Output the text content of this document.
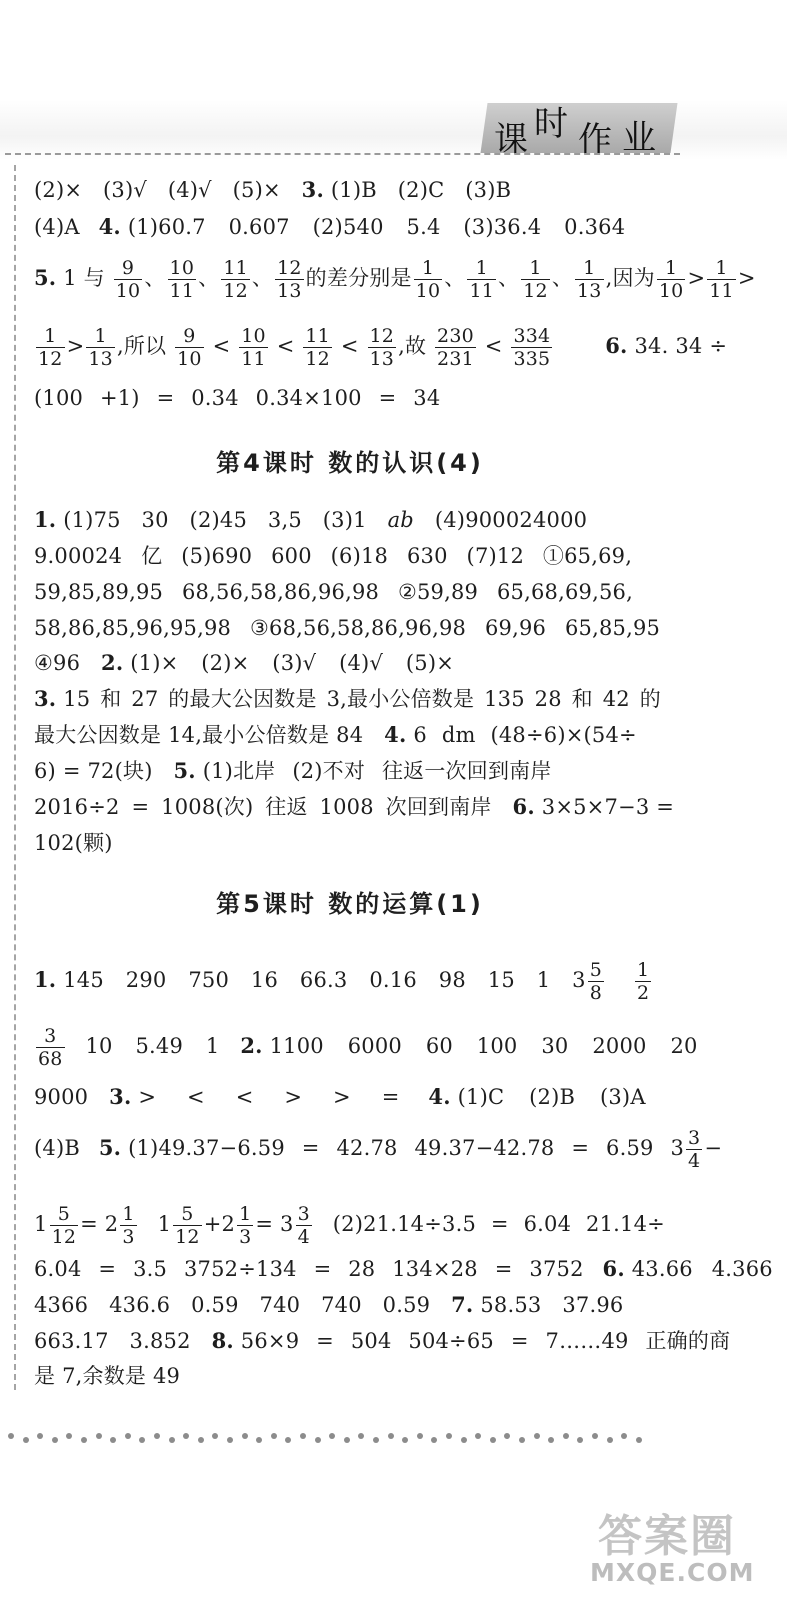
课 时 作 业
(2)× (3)√ (4)√ (5)× 3. (1)B (2)C (3)B
(4)A 4. (1)60.7 0.607 (2)540 5.4 (3)36.4 0.364
5. 1 与 $\frac{9}{10}$ 、 $\frac{10}{11}$ 、 $\frac{11}{12}$ 、 $\frac{12}{13}$ 的差分别是 $\frac{1}{10}$ 、 $\frac{1}{11}$ 、 $\frac{1}{12}$ 、 $\frac{1}{13}$ ,因为 $\frac{1}{10} > \frac{1}{11}$ >
$\frac{1}{12} > \frac{1}{13}$ ,所以 $\frac{9}{10} < \frac{10}{11} < \frac{11}{12} < \frac{12}{13}$ ,故 $\frac{230}{231} < \frac{334}{335}$	6. 34. 34 ÷
(100 +1) = 0.34 0.34×100 = 34
第4课时 数的认识(4)
1. (1)75 30 (2)45 3,5 (3)1 ab (4)900024000
9.00024 亿 (5)690 600 (6)18 630 (7)12 ①65,69,
59,85,89,95 68,56,58,86,96,98 ②59,89 65,68,69,56,
58,86,85,96,95,98 ③68,56,58,86,96,98 69,96 65,85,95
④96 2. (1)× (2)× (3)√ (4)√ (5)×
3. 15 和 27 的最大公因数是 3,最小公倍数是 135 28 和 42 的
最大公因数是 14,最小公倍数是 84 4. 6 dm (48÷6)×(54÷
6) = 72(块) 5. (1)北岸 (2)不对 往返一次回到南岸
2016÷2 = 1008(次) 往返 1008 次回到南岸 6. 3×5×7−3 =
102(颗)
第5课时 数的运算(1)
1. 145 290 750 16 66.3 0.16 98 15 1 $3 \frac{5}{8}$
$\frac{1}{2}$
$\frac{3}{68} 10$ 5.49 1 2. 1100 6000 60 100 30 2000 20
9000 3. > < < > > = 4. (1)C (2)B (3)A
(4)B 5. (1)49.37−6.59 = 42.78 49.37−42.78 = 6.59 $3 \frac{3}{4}$ −
$1 \frac{5}{12} = 2 \frac{1}{3} 1 \frac{5}{12} +2 \frac{1}{3} = 3 \frac{3}{4} (2)21.14\div 3.5 = 6.04$ 21.14÷
6.04 = 3.5 3752÷134 = 28 134×28 = 3752 6. 43.66 4.366
4366 436.6 0.59 740 740 0.59 7. 58.53 37.96
663.17 3.852 8. 56×9 = 504 504÷65 = 7……49 正确的商
是 7,余数是 49
答案圈
MXQE.COM
